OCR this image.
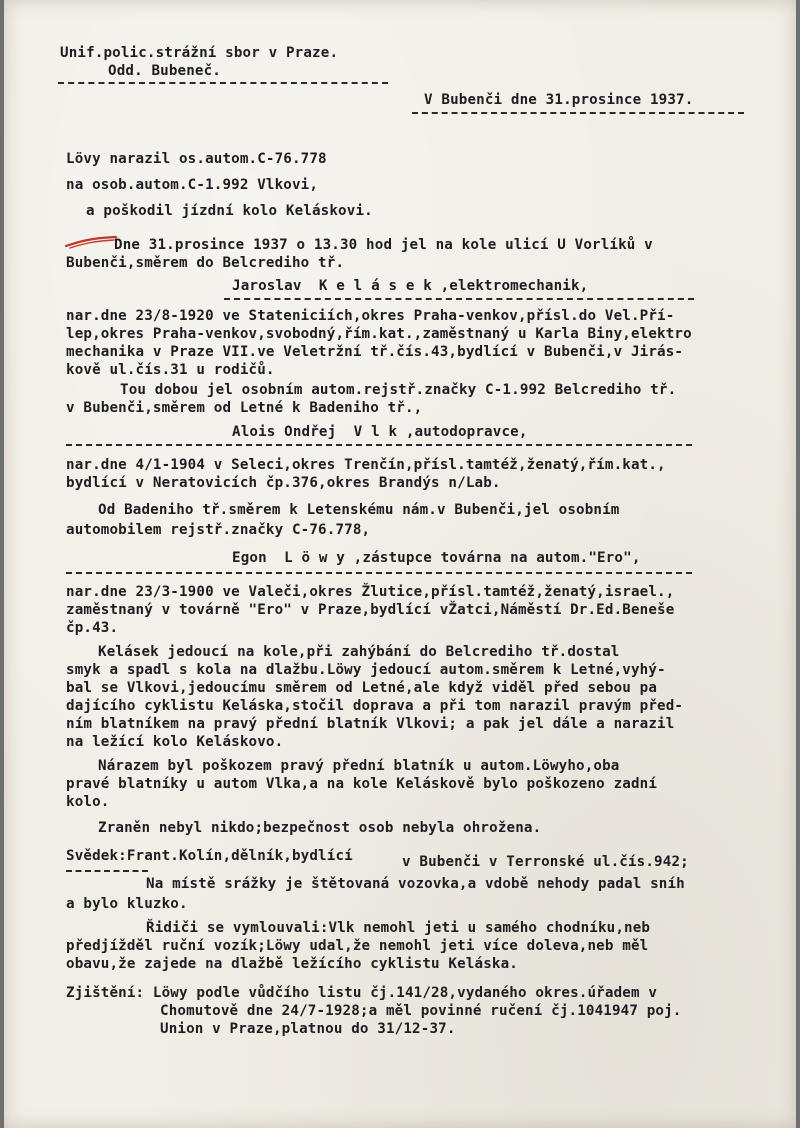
Unif.polic.strážní sbor v Praze.
Odd. Bubeneč.
V Bubenči dne 31.prosince 1937.
Lövy narazil os.autom.C-76.778
na osob.autom.C-1.992 Vlkovi,
a poškodil jízdní kolo Keláskovi.
Dne 31.prosince 1937 o 13.30 hod jel na kole ulicí U Vorlíků v
Bubenči,směrem do Belcrediho tř.
Jaroslav  K e l á s e k ,elektromechanik,
nar.dne 23/8-1920 ve Stateniciích,okres Praha-venkov,přísl.do Vel.Pří-
lep,okres Praha-venkov,svobodný,řím.kat.,zaměstnaný u Karla Biny,elektro
mechanika v Praze VII.ve Veletržní tř.čís.43,bydlící v Bubenči,v Jirás-
kově ul.čís.31 u rodičů.
Tou dobou jel osobním autom.rejstř.značky C-1.992 Belcrediho tř.
v Bubenči,směrem od Letné k Badeniho tř.,
Alois Ondřej  V l k ,autodopravce,
nar.dne 4/1-1904 v Seleci,okres Trenčín,přísl.tamtéž,ženatý,řím.kat.,
bydlící v Neratovicích čp.376,okres Brandýs n/Lab.
Od Badeniho tř.směrem k Letenskému nám.v Bubenči,jel osobním
automobilem rejstř.značky C-76.778,
Egon  L ö w y ,zástupce továrna na autom."Ero",
nar.dne 23/3-1900 ve Valeči,okres Žlutice,přísl.tamtéž,ženatý,israel.,
zaměstnaný v továrně "Ero" v Praze,bydlící vŽatci,Náměstí Dr.Ed.Beneše
čp.43.
Kelásek jedoucí na kole,při zahýbání do Belcrediho tř.dostal
smyk a spadl s kola na dlažbu.Löwy jedoucí autom.směrem k Letné,vyhý-
bal se Vlkovi,jedoucímu směrem od Letné,ale když viděl před sebou pa
dajícího cyklistu Keláska,stočil doprava a při tom narazil pravým před-
ním blatníkem na pravý přední blatník Vlkovi; a pak jel dále a narazil
na ležící kolo Keláskovo.
Nárazem byl poškozem pravý přední blatník u autom.Löwyho,oba
pravé blatníky u autom Vlka,a na kole Keláskově bylo poškozeno zadní
kolo.
Zraněn nebyl nikdo;bezpečnost osob nebyla ohrožena.
Svědek:Frant.Kolín,dělník,bydlící	v Bubenči v Terronské ul.čís.942;
Na místě srážky je štětovaná vozovka,a vdobě nehody padal sníh
a bylo kluzko.
Řidiči se vymlouvali:Vlk nemohl jeti u samého chodníku,neb
předjížděl ruční vozík;Löwy udal,že nemohl jeti více doleva,neb měl
obavu,že zajede na dlažbě ležícího cyklistu Keláska.
Zjištění: Löwy podle vůdčího listu čj.141/28,vydaného okres.úřadem v
Chomutově dne 24/7-1928;a měl povinné ručení čj.1041947 poj.
Union v Praze,platnou do 31/12-37.
